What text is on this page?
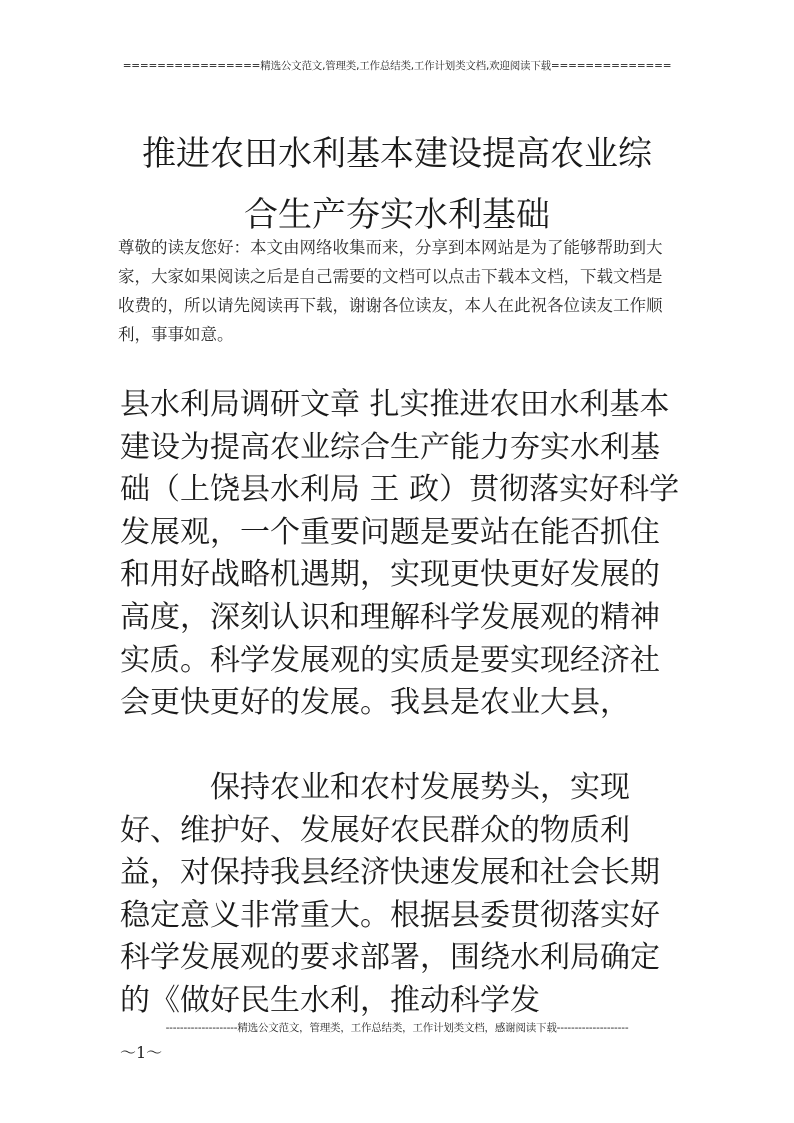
================精选公文范文,管理类,工作总结类,工作计划类文档,欢迎阅读下载==============
推进农田水利基本建设提高农业综
合生产夯实水利基础

尊敬的读友您好：本文由网络收集而来，分享到本网站是为了能够帮助到大家，大家如果阅读之后是自己需要的文档可以点击下载本文档，下载文档是收费的，所以请先阅读再下载，谢谢各位读友，本人在此祝各位读友工作顺利，事事如意。

县水利局调研文章 扎实推进农田水利基本建设为提高农业综合生产能力夯实水利基础（上饶县水利局 王 政）贯彻落实好科学发展观，一个重要问题是要站在能否抓住和用好战略机遇期，实现更快更好发展的高度，深刻认识和理解科学发展观的精神实质。科学发展观的实质是要实现经济社会更快更好的发展。我县是农业大县，

保持农业和农村发展势头，实现好、维护好、发展好农民群众的物质利益，对保持我县经济快速发展和社会长期稳定意义非常重大。根据县委贯彻落实好科学发展观的要求部署，围绕水利局确定的《做好民生水利，推动科学发

--------------------精选公文范文，管理类，工作总结类，工作计划类文档，感谢阅读下载--------------------
～1～
